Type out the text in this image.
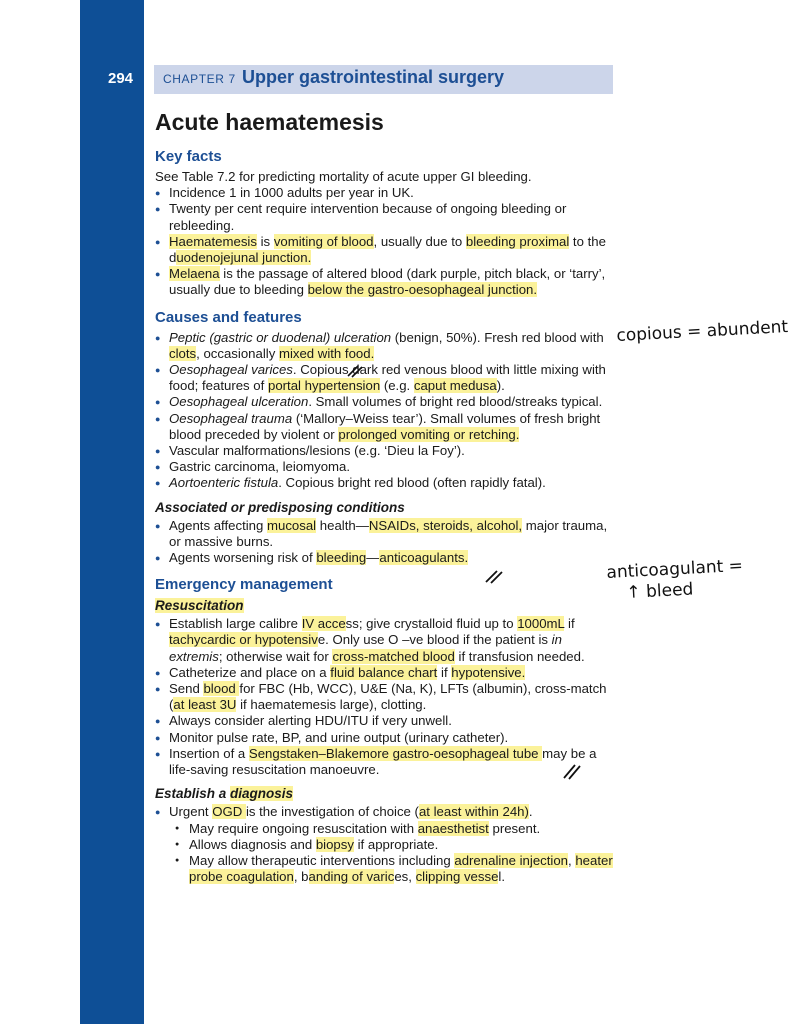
294 CHAPTER 7 Upper gastrointestinal surgery
Acute haematemesis
Key facts

See Table 7.2 for predicting mortality of acute upper GI bleeding.

● Incidence 1 in 1000 adults per year in UK.
● Twenty per cent require intervention because of ongoing bleeding or rebleeding.
● Haematemesis is vomiting of blood, usually due to bleeding proximal to the duodenojejunal junction.
● Melaena is the passage of altered blood (dark purple, pitch black, or ‘tarry’, usually due to bleeding below the gastro-oesophageal junction.
Causes and features
● Peptic (gastric or duodenal) ulceration (benign, 50%). Fresh red blood with clots, occasionally mixed with food.
● Oesophageal varices. Copious dark red venous blood with little mixing with food; features of portal hypertension (e.g. caput medusa).
● Oesophageal ulceration. Small volumes of bright red blood/streaks typical.
● Oesophageal trauma (‘Mallory–Weiss tear’). Small volumes of fresh bright blood preceded by violent or prolonged vomiting or retching.
● Vascular malformations/lesions (e.g. ‘Dieu la Foy’).
● Gastric carcinoma, leiomyoma.
● Aortoenteric fistula. Copious bright red blood (often rapidly fatal).
Associated or predisposing conditions
● Agents affecting mucosal health—NSAIDs, steroids, alcohol, major trauma, or massive burns.
● Agents worsening risk of bleeding—anticoagulants.
Emergency management
Resuscitation
● Establish large calibre IV access; give crystalloid fluid up to 1000mL if tachycardic or hypotensive. Only use O –ve blood if the patient is in extremis; otherwise wait for cross-matched blood if transfusion needed.
● Catheterize and place on a fluid balance chart if hypotensive.
● Send blood for FBC (Hb, WCC), U&E (Na, K), LFTs (albumin), cross-match (at least 3U if haematemesis large), clotting.
● Always consider alerting HDU/ITU if very unwell.
● Monitor pulse rate, BP, and urine output (urinary catheter).
● Insertion of a Sengstaken–Blakemore gastro-oesophageal tube may be a life-saving resuscitation manoeuvre.
Establish a diagnosis
● Urgent OGD is the investigation of choice (at least within 24h).
● May require ongoing resuscitation with anaesthetist present.
● Allows diagnosis and biopsy if appropriate.
● May allow therapeutic interventions including adrenaline injection, heater probe coagulation, banding of varices, clipping vessel.
copious = abundent
anticoagulant =
↑ bleed
